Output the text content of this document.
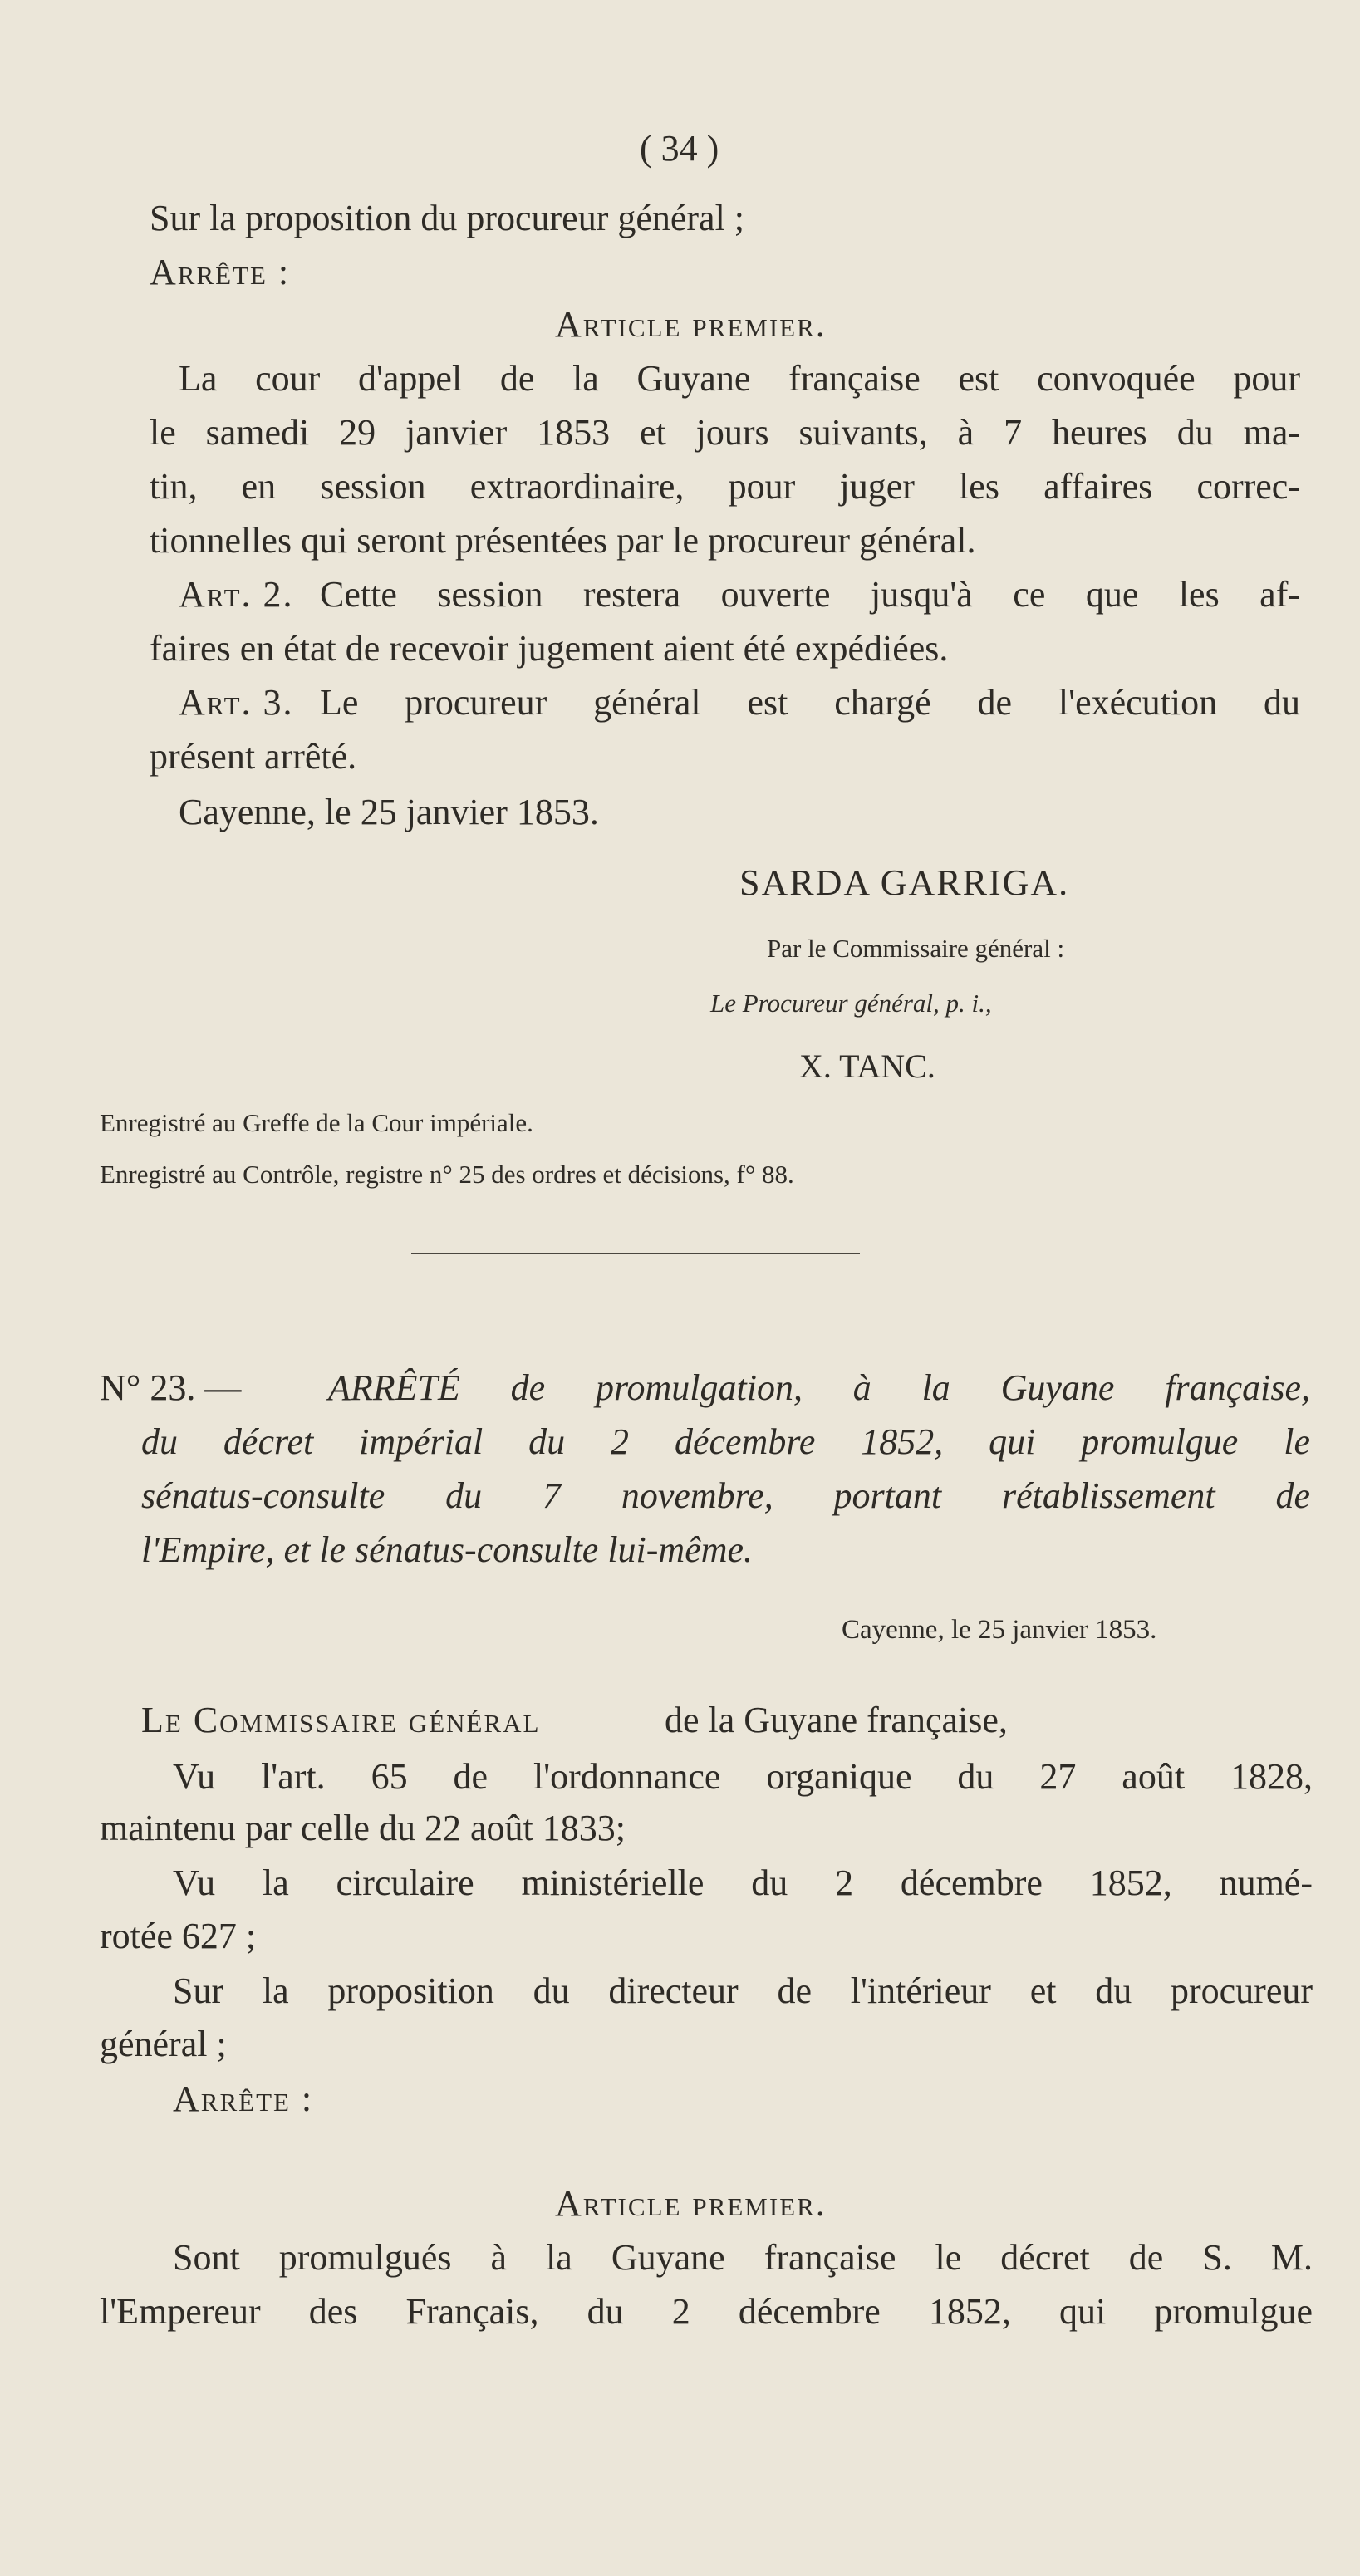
( 34 )
Sur la proposition du procureur général ;
Arrête :
Article premier.
La cour d'appel de la Guyane française est convoquée pour
le samedi 29 janvier 1853 et jours suivants, à 7 heures du ma-
tin, en session extraordinaire, pour juger les affaires correc-
tionnelles qui seront présentées par le procureur général.
Art. 2. Cette session restera ouverte jusqu'à ce que les af-
faires en état de recevoir jugement aient été expédiées.
Art. 3. Le procureur général est chargé de l'exécution du
présent arrêté.
Cayenne, le 25 janvier 1853.
SARDA GARRIGA.
Par le Commissaire général :
Le Procureur général, p. i.,
X. TANC.
Enregistré au Greffe de la Cour impériale.
Enregistré au Contrôle, registre n° 25 des ordres et décisions, f° 88.
N° 23. — ARRÊTÉ de promulgation, à la Guyane française,
du décret impérial du 2 décembre 1852, qui promulgue le
sénatus-consulte du 7 novembre, portant rétablissement de
l'Empire, et le sénatus-consulte lui-même.
Cayenne, le 25 janvier 1853.
Le Commissaire général	de la Guyane française,
Vu l'art. 65 de l'ordonnance organique du 27 août 1828,
maintenu par celle du 22 août 1833;
Vu la circulaire ministérielle du 2 décembre 1852, numé-
rotée 627 ;
Sur la proposition du directeur de l'intérieur et du procureur
général ;
Arrête :
Article premier.
Sont promulgués à la Guyane française le décret de S. M.
l'Empereur des Français, du 2 décembre 1852, qui promulgue
